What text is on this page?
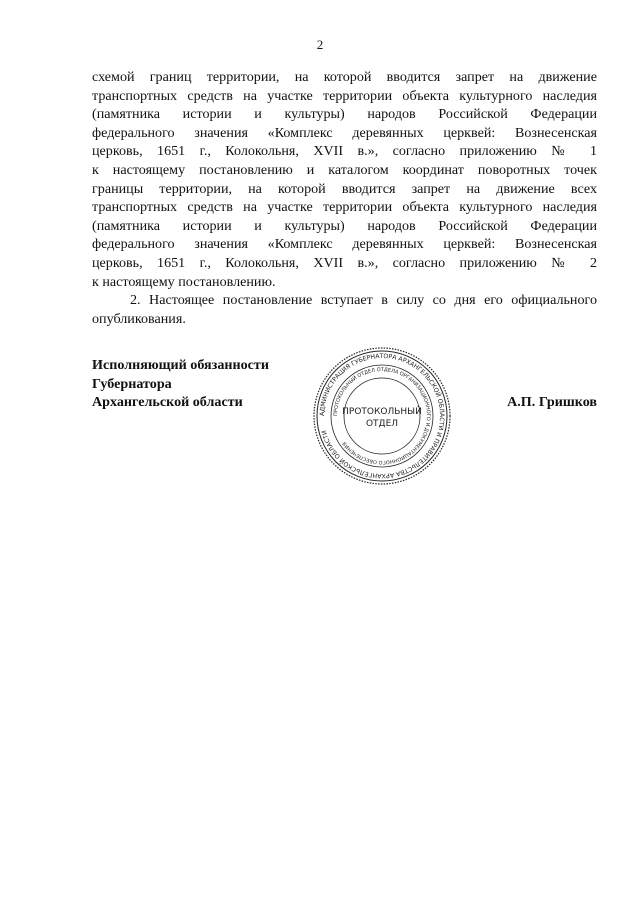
2
схемой границ территории, на которой вводится запрет на движение
транспортных средств на участке территории объекта культурного наследия
(памятника истории и культуры) народов Российской Федерации
федерального значения «Комплекс деревянных церквей: Вознесенская
церковь, 1651 г., Колокольня, XVII в.», согласно приложению № 1
к настоящему постановлению и каталогом координат поворотных точек
границы территории, на которой вводится запрет на движение всех
транспортных средств на участке территории объекта культурного наследия
(памятника истории и культуры) народов Российской Федерации
федерального значения «Комплекс деревянных церквей: Вознесенская
церковь, 1651 г., Колокольня, XVII в.», согласно приложению № 2
к настоящему постановлению.
2. Настоящее постановление вступает в силу со дня его официального
опубликования.
Исполняющий обязанности
Губернатора
Архангельской области
АДМИНИСТРАЦИЯ ГУБЕРНАТОРА АРХАНГЕЛЬСКОЙ ОБЛАСТИ И ПРАВИТЕЛЬСТВА АРХАНГЕЛЬСКОЙ ОБЛАСТИ
ПРОТОКОЛЬНЫЙ ОТДЕЛ ОТДЕЛА ОРГАНИЗАЦИОННОГО И ДОКУМЕНТАЦИОННОГО ОБЕСПЕЧЕНИЯ
ПРОТОКОЛЬНЫЙ
ОТДЕЛ
А.П. Гришков
